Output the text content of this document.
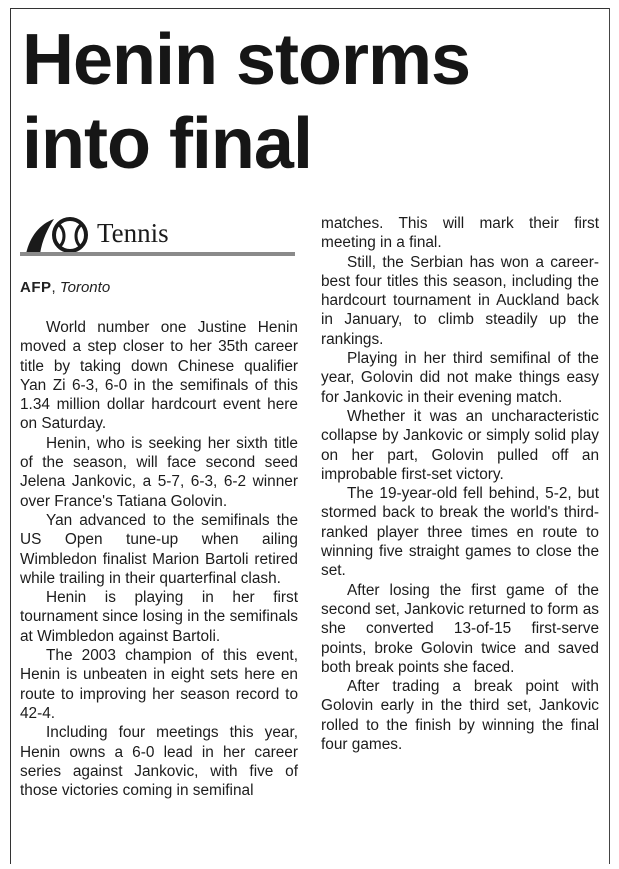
Henin storms into final
Tennis
AFP, Toronto

World number one Justine Henin moved a step closer to her 35th career title by taking down Chinese qualifier Yan Zi 6-3, 6-0 in the semifinals of this 1.34 million dollar hardcourt event here on Saturday.

Henin, who is seeking her sixth title of the season, will face second seed Jelena Jankovic, a 5-7, 6-3, 6-2 winner over France's Tatiana Golovin.

Yan advanced to the semifinals the US Open tune-up when ailing Wimbledon finalist Marion Bartoli retired while trailing in their quarterfinal clash.

Henin is playing in her first tournament since losing in the semifinals at Wimbledon against Bartoli.

The 2003 champion of this event, Henin is unbeaten in eight sets here en route to improving her season record to 42-4.

Including four meetings this year, Henin owns a 6-0 lead in her career series against Jankovic, with five of those victories coming in semifinal

matches. This will mark their first meeting in a final.

Still, the Serbian has won a career-best four titles this season, including the hardcourt tournament in Auckland back in January, to climb steadily up the rankings.

Playing in her third semifinal of the year, Golovin did not make things easy for Jankovic in their evening match.

Whether it was an uncharacteristic collapse by Jankovic or simply solid play on her part, Golovin pulled off an improbable first-set victory.

The 19-year-old fell behind, 5-2, but stormed back to break the world's third-ranked player three times en route to winning five straight games to close the set.

After losing the first game of the second set, Jankovic returned to form as she converted 13-of-15 first-serve points, broke Golovin twice and saved both break points she faced.

After trading a break point with Golovin early in the third set, Jankovic rolled to the finish by winning the final four games.
